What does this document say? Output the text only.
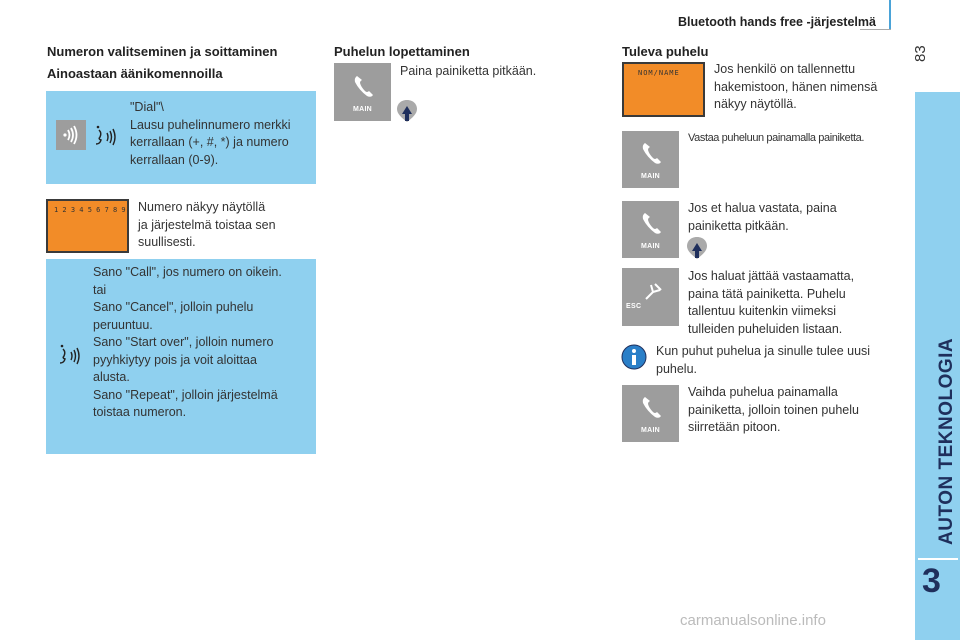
Bluetooth hands free -järjestelmä
83
AUTON TEKNOLOGIA
3
Numeron valitseminen ja soittaminen
Ainoastaan äänikomennoilla
"Dial"\
Lausu puhelinnumero merkki
kerrallaan (+, #, *) ja numero
kerrallaan (0-9).
1 2 3 4 5 6 7 8 9 Numero näkyy näytöllä
ja järjestelmä toistaa sen
suullisesti.
Sano "Call", jos numero on oikein.
tai
Sano "Cancel", jolloin puhelu
peruuntuu.
Sano "Start over", jolloin numero
pyyhkiytyy pois ja voit aloittaa
alusta.
Sano "Repeat", jolloin järjestelmä
toistaa numeron.
Puhelun lopettaminen
MAIN
Paina painiketta pitkään.
Tuleva puhelu
NOM/NAME	Jos henkilö on tallennettu
hakemistoon, hänen nimensä
näkyy näytöllä.
MAIN
Vastaa puheluun painamalla painiketta.
MAIN
Jos et halua vastata, paina
painiketta pitkään.
ESC
Jos haluat jättää vastaamatta,
paina tätä painiketta. Puhelu
tallentuu kuitenkin viimeksi
tulleiden puheluiden listaan.
Kun puhut puhelua ja sinulle tulee uusi
puhelu.
MAIN
Vaihda puhelua painamalla
painiketta, jolloin toinen puhelu
siirretään pitoon.
carmanualsonline.info
